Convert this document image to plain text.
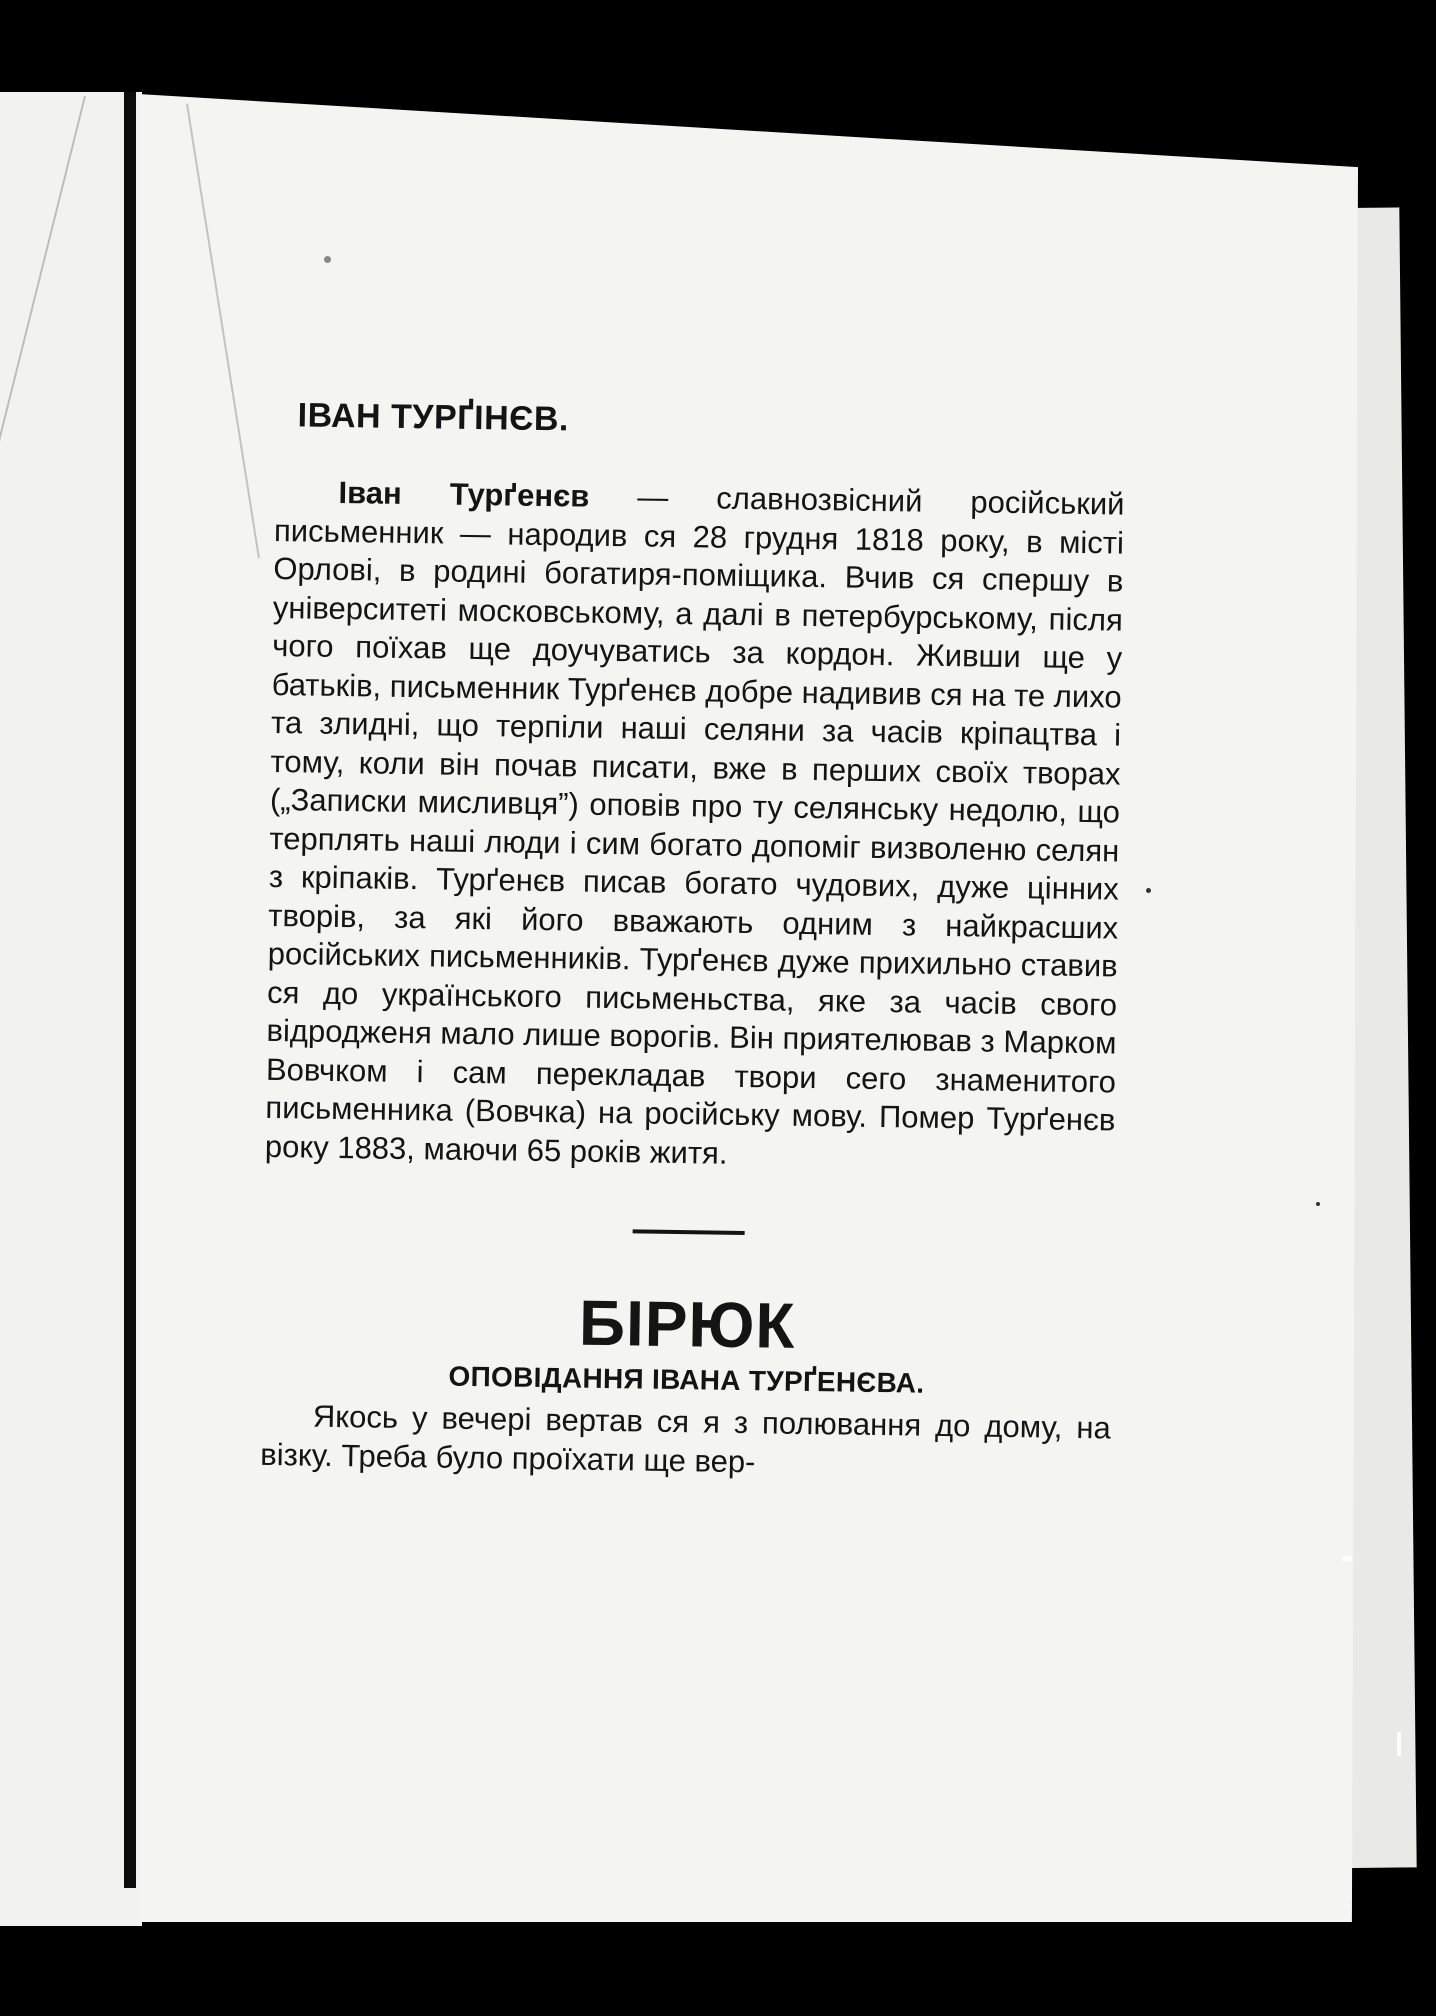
ІВАН ТУРҐІНЄВ.

Іван Турґенєв — славнозвісний російський письменник — народив ся 28 грудня 1818 року, в місті Орлові, в родині богатиря-поміщика. Вчив ся спершу в університеті московському, а далі в петербурському, після чого поїхав ще доучуватись за кордон. Живши ще у батьків, письменник Турґенєв добре надивив ся на те лихо та злидні, що терпіли наші селяни за часів кріпацтва і тому, коли він почав писати, вже в перших своїх творах („Записки мисливця”) оповів про ту селянську недолю, що терплять наші люди і сим богато допоміг визволеню селян з кріпаків. Турґенєв писав богато чудових, дуже цінних творів, за які його вважають одним з найкрасших російських письменників. Турґенєв дуже прихильно ставив ся до українського письменьства, яке за часів свого відродженя мало лише ворогів. Він приятелював з Марком Вовчком і сам перекладав твори сего знаменитого письменника (Вовчка) на російську мову. Помер Турґенєв року 1883, маючи 65 років житя.

БІРЮК
ОПОВІДАННЯ ІВАНА ТУРҐЕНЄВА.

Якось у вечері вертав ся я з полювання до дому, на візку. Треба було проїхати ще вер-
